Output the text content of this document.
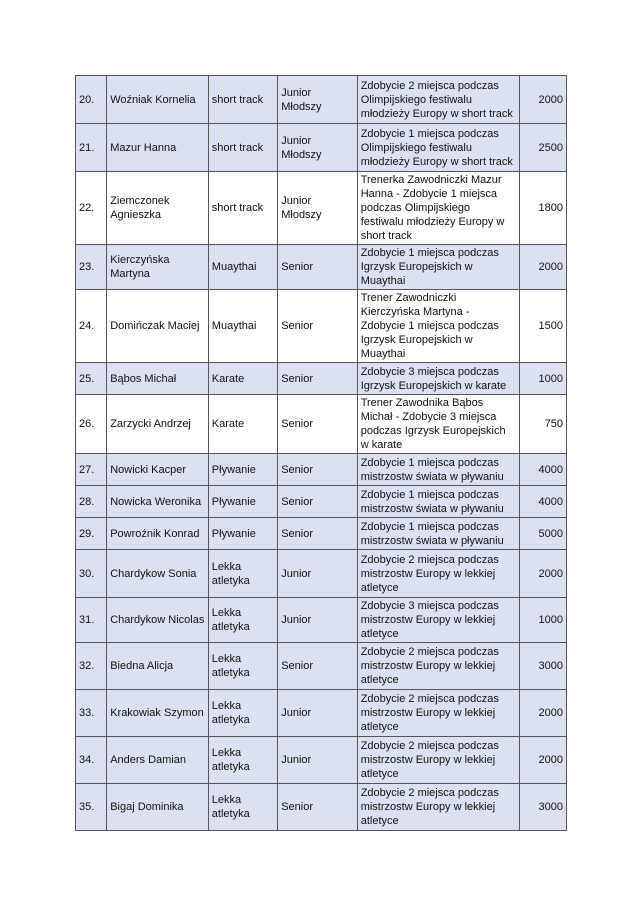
20.	Woźniak Kornelia	short track	Junior Młodszy	Zdobycie 2 miejsca podczas Olimpijskiego festiwalu młodzieży Europy w short track	2000
21.	Mazur Hanna	short track	Junior Młodszy	Zdobycie 1 miejsca podczas Olimpijskiego festiwalu młodzieży Europy w short track	2500
22.	Ziemczonek Agnieszka	short track	Junior Młodszy	Trenerka Zawodniczki Mazur Hanna - Zdobycie 1 miejsca podczas Olimpijskiego festiwalu młodzieży Europy w short track	1800
23.	Kierczyńska Martyna	Muaythai	Senior	Zdobycie 1 miejsca podczas Igrzysk Europejskich w Muaythai	2000
24.	Domińczak Maciej	Muaythai	Senior	Trener Zawodniczki Kierczyńska Martyna - Zdobycie 1 miejsca podczas Igrzysk Europejskich w Muaythai	1500
25.	Bąbos Michał	Karate	Senior	Zdobycie 3 miejsca podczas Igrzysk Europejskich w karate	1000
26.	Zarzycki Andrzej	Karate	Senior	Trener Zawodnika Bąbos Michał - Zdobycie 3 miejsca podczas Igrzysk Europejskich w karate	750
27.	Nowicki Kacper	Pływanie	Senior	Zdobycie 1 miejsca podczas mistrzostw świata w pływaniu	4000
28.	Nowicka Weronika	Pływanie	Senior	Zdobycie 1 miejsca podczas mistrzostw świata w pływaniu	4000
29.	Powroźnik Konrad	Pływanie	Senior	Zdobycie 1 miejsca podczas mistrzostw świata w pływaniu	5000
30.	Chardykow Sonia	Lekka atletyka	Junior	Zdobycie 2 miejsca podczas mistrzostw Europy w lekkiej atletyce	2000
31.	Chardykow Nicolas	Lekka atletyka	Junior	Zdobycie 3 miejsca podczas mistrzostw Europy w lekkiej atletyce	1000
32.	Biedna Alicja	Lekka atletyka	Senior	Zdobycie 2 miejsca podczas mistrzostw Europy w lekkiej atletyce	3000
33.	Krakowiak Szymon	Lekka atletyka	Junior	Zdobycie 2 miejsca podczas mistrzostw Europy w lekkiej atletyce	2000
34.	Anders Damian	Lekka atletyka	Junior	Zdobycie 2 miejsca podczas mistrzostw Europy w lekkiej atletyce	2000
35.	Bigaj Dominika	Lekka atletyka	Senior	Zdobycie 2 miejsca podczas mistrzostw Europy w lekkiej atletyce	3000
